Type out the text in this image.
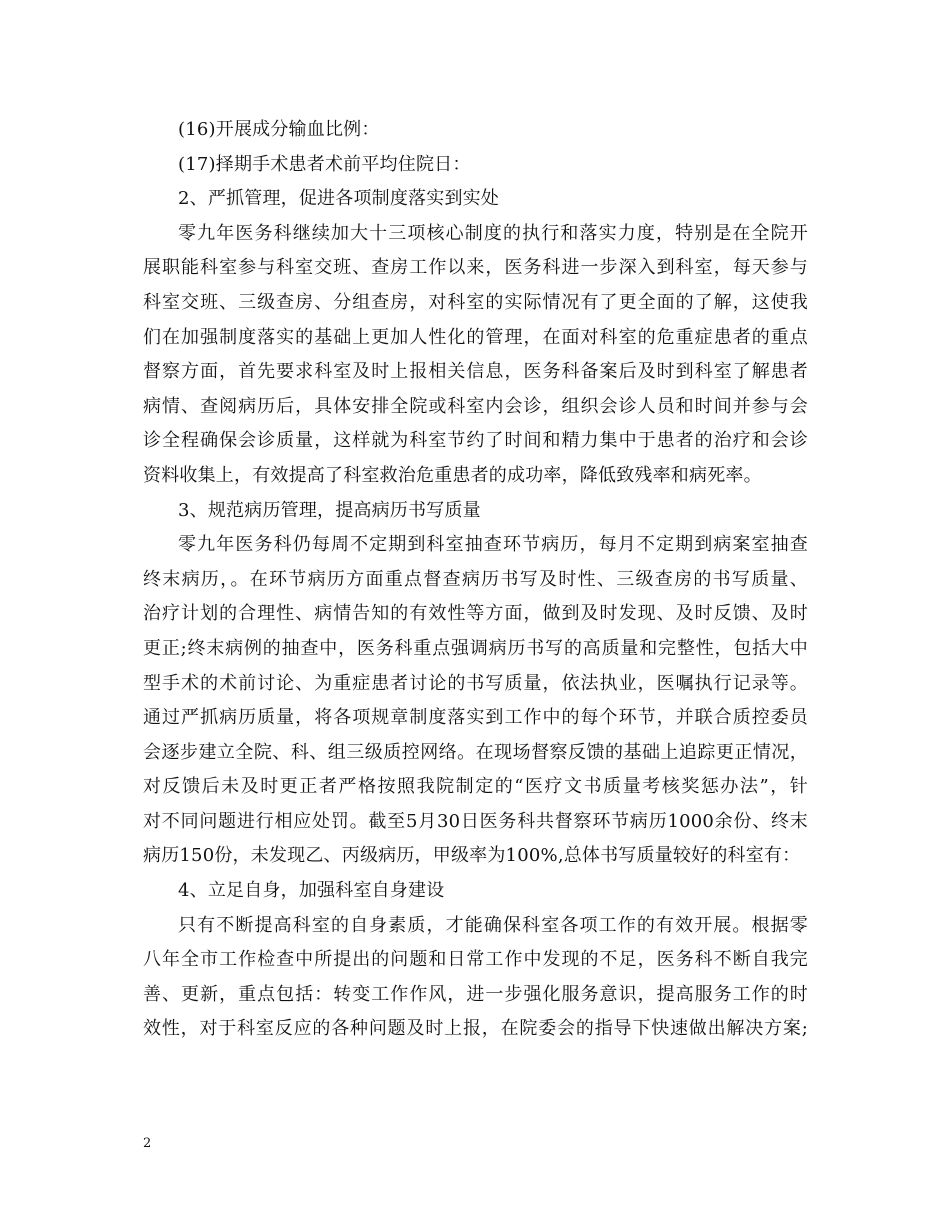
(16)开展成分输血比例：
(17)择期手术患者术前平均住院日：
2、严抓管理，促进各项制度落实到实处
零九年医务科继续加大十三项核心制度的执行和落实力度，特别是在全院开
展职能科室参与科室交班、查房工作以来，医务科进一步深入到科室，每天参与
科室交班、三级查房、分组查房，对科室的实际情况有了更全面的了解，这使我
们在加强制度落实的基础上更加人性化的管理，在面对科室的危重症患者的重点
督察方面，首先要求科室及时上报相关信息，医务科备案后及时到科室了解患者
病情、查阅病历后，具体安排全院或科室内会诊，组织会诊人员和时间并参与会
诊全程确保会诊质量，这样就为科室节约了时间和精力集中于患者的治疗和会诊
资料收集上，有效提高了科室救治危重患者的成功率，降低致残率和病死率。
3、规范病历管理，提高病历书写质量
零九年医务科仍每周不定期到科室抽查环节病历，每月不定期到病案室抽查
终末病历，。在环节病历方面重点督查病历书写及时性、三级查房的书写质量、
治疗计划的合理性、病情告知的有效性等方面，做到及时发现、及时反馈、及时
更正;终末病例的抽查中，医务科重点强调病历书写的高质量和完整性，包括大中
型手术的术前讨论、为重症患者讨论的书写质量，依法执业，医嘱执行记录等。
通过严抓病历质量，将各项规章制度落实到工作中的每个环节，并联合质控委员
会逐步建立全院、科、组三级质控网络。在现场督察反馈的基础上追踪更正情况，
对反馈后未及时更正者严格按照我院制定的“医疗文书质量考核奖惩办法”，针
对不同问题进行相应处罚。截至5月30日医务科共督察环节病历1000余份、终末
病历150份，未发现乙、丙级病历，甲级率为100%,总体书写质量较好的科室有：
4、立足自身，加强科室自身建设
只有不断提高科室的自身素质，才能确保科室各项工作的有效开展。根据零
八年全市工作检查中所提出的问题和日常工作中发现的不足，医务科不断自我完
善、更新，重点包括：转变工作作风，进一步强化服务意识，提高服务工作的时
效性，对于科室反应的各种问题及时上报，在院委会的指导下快速做出解决方案;
2
